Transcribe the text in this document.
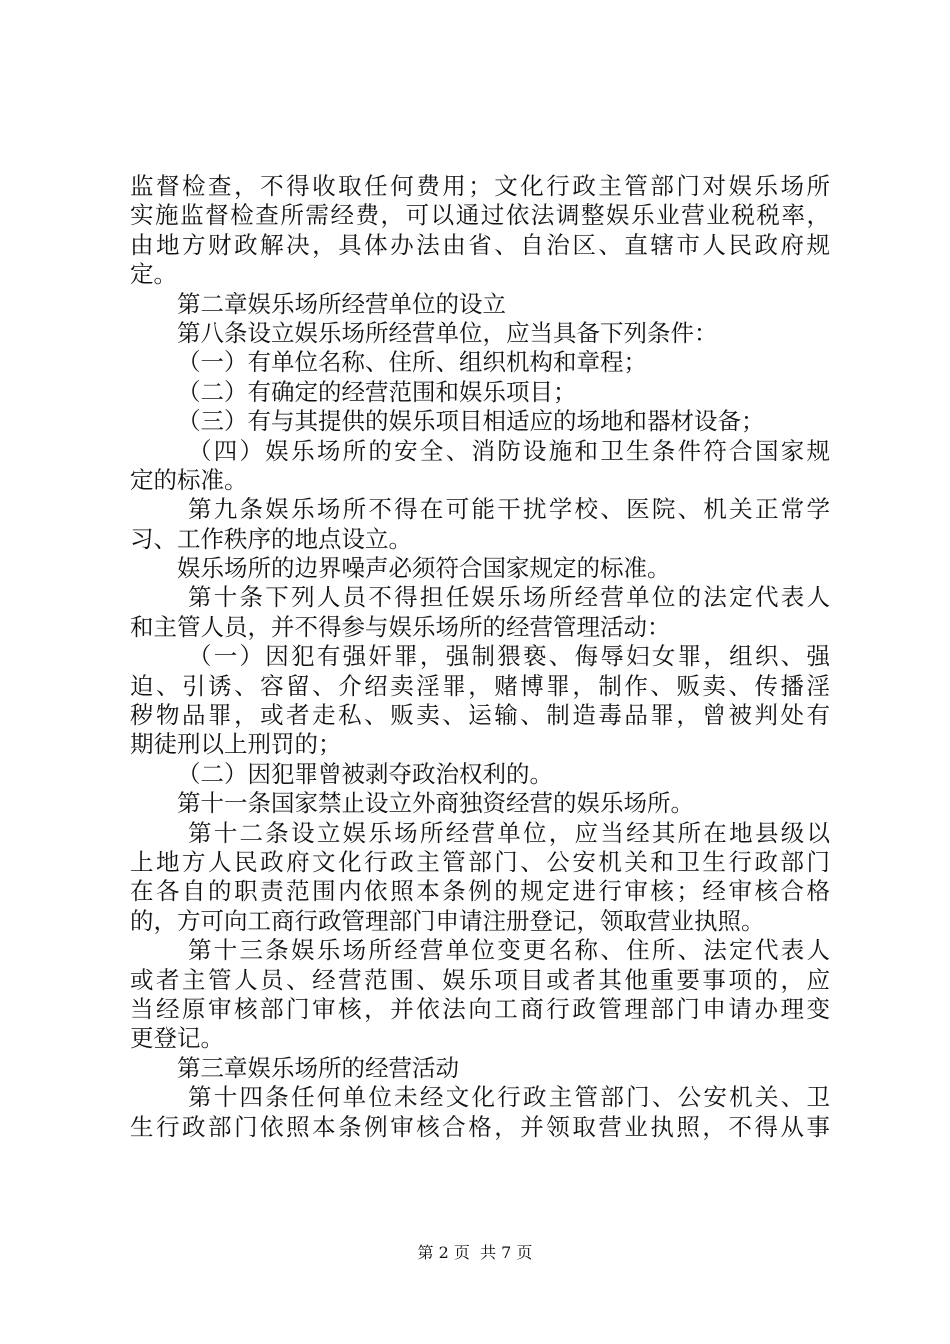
监督检查，不得收取任何费用；文化行政主管部门对娱乐场所
实施监督检查所需经费，可以通过依法调整娱乐业营业税税率，
由地方财政解决，具体办法由省、自治区、直辖市人民政府规
定。
第二章娱乐场所经营单位的设立
第八条设立娱乐场所经营单位，应当具备下列条件：
（一）有单位名称、住所、组织机构和章程；
（二）有确定的经营范围和娱乐项目；
（三）有与其提供的娱乐项目相适应的场地和器材设备；
（四）娱乐场所的安全、消防设施和卫生条件符合国家规
定的标准。
第九条娱乐场所不得在可能干扰学校、医院、机关正常学
习、工作秩序的地点设立。
娱乐场所的边界噪声必须符合国家规定的标准。
第十条下列人员不得担任娱乐场所经营单位的法定代表人
和主管人员，并不得参与娱乐场所的经营管理活动：
（一）因犯有强奸罪，强制猥亵、侮辱妇女罪，组织、强
迫、引诱、容留、介绍卖淫罪，赌博罪，制作、贩卖、传播淫
秽物品罪，或者走私、贩卖、运输、制造毒品罪，曾被判处有
期徒刑以上刑罚的；
（二）因犯罪曾被剥夺政治权利的。
第十一条国家禁止设立外商独资经营的娱乐场所。
第十二条设立娱乐场所经营单位，应当经其所在地县级以
上地方人民政府文化行政主管部门、公安机关和卫生行政部门
在各自的职责范围内依照本条例的规定进行审核；经审核合格
的，方可向工商行政管理部门申请注册登记，领取营业执照。
第十三条娱乐场所经营单位变更名称、住所、法定代表人
或者主管人员、经营范围、娱乐项目或者其他重要事项的，应
当经原审核部门审核，并依法向工商行政管理部门申请办理变
更登记。
第三章娱乐场所的经营活动
第十四条任何单位未经文化行政主管部门、公安机关、卫
生行政部门依照本条例审核合格，并领取营业执照，不得从事
第 2 页  共 7 页
